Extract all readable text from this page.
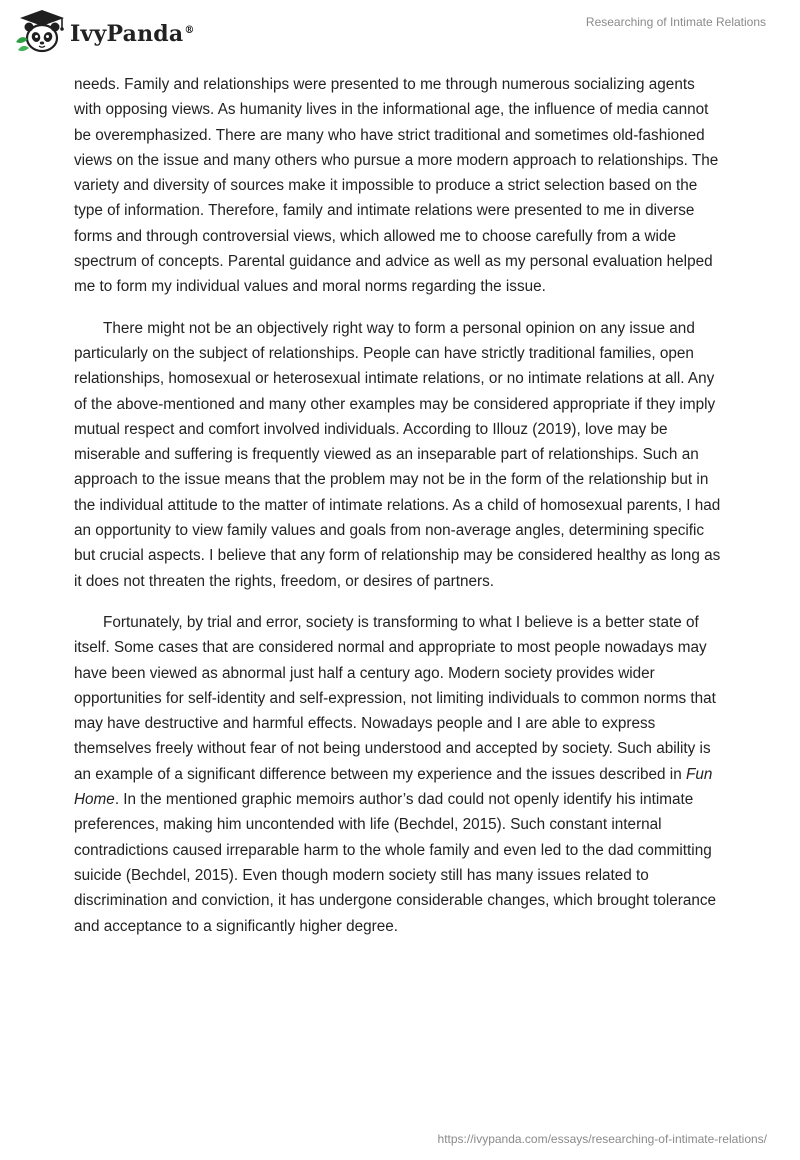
IvyPanda®
Researching of Intimate Relations

needs. Family and relationships were presented to me through numerous socializing agents with opposing views. As humanity lives in the informational age, the influence of media cannot be overemphasized. There are many who have strict traditional and sometimes old-fashioned views on the issue and many others who pursue a more modern approach to relationships. The variety and diversity of sources make it impossible to produce a strict selection based on the type of information. Therefore, family and intimate relations were presented to me in diverse forms and through controversial views, which allowed me to choose carefully from a wide spectrum of concepts. Parental guidance and advice as well as my personal evaluation helped me to form my individual values and moral norms regarding the issue.

There might not be an objectively right way to form a personal opinion on any issue and particularly on the subject of relationships. People can have strictly traditional families, open relationships, homosexual or heterosexual intimate relations, or no intimate relations at all. Any of the above-mentioned and many other examples may be considered appropriate if they imply mutual respect and comfort involved individuals. According to Illouz (2019), love may be miserable and suffering is frequently viewed as an inseparable part of relationships. Such an approach to the issue means that the problem may not be in the form of the relationship but in the individual attitude to the matter of intimate relations. As a child of homosexual parents, I had an opportunity to view family values and goals from non-average angles, determining specific but crucial aspects. I believe that any form of relationship may be considered healthy as long as it does not threaten the rights, freedom, or desires of partners.

Fortunately, by trial and error, society is transforming to what I believe is a better state of itself. Some cases that are considered normal and appropriate to most people nowadays may have been viewed as abnormal just half a century ago. Modern society provides wider opportunities for self-identity and self-expression, not limiting individuals to common norms that may have destructive and harmful effects. Nowadays people and I are able to express themselves freely without fear of not being understood and accepted by society. Such ability is an example of a significant difference between my experience and the issues described in Fun Home. In the mentioned graphic memoirs author’s dad could not openly identify his intimate preferences, making him uncontended with life (Bechdel, 2015). Such constant internal contradictions caused irreparable harm to the whole family and even led to the dad committing suicide (Bechdel, 2015). Even though modern society still has many issues related to discrimination and conviction, it has undergone considerable changes, which brought tolerance and acceptance to a significantly higher degree.

https://ivypanda.com/essays/researching-of-intimate-relations/
